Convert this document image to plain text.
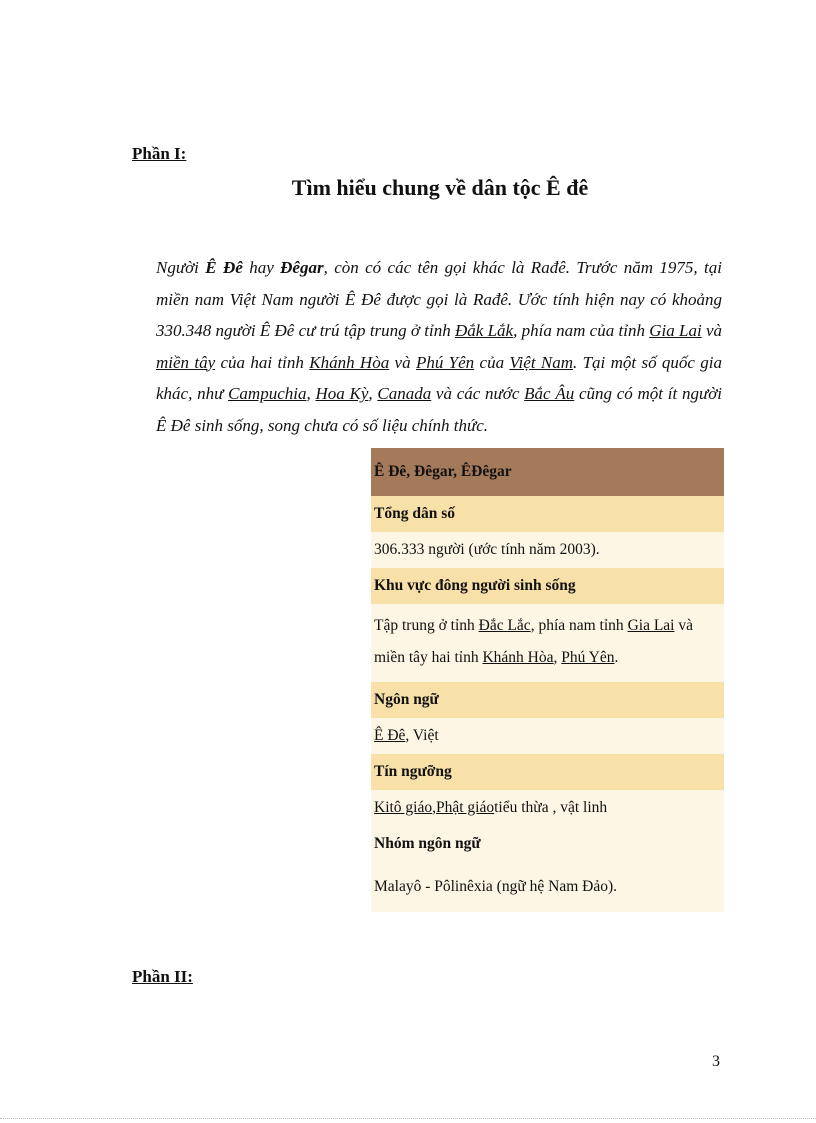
Phần I:
Tìm hiểu chung về dân tộc Ê đê
Người Ê Đê hay Đêgar, còn có các tên gọi khác là Rađê. Trước năm 1975, tại miền nam Việt Nam người Ê Đê được gọi là Rađê. Ước tính hiện nay có khoảng 330.348 người Ê Đê cư trú tập trung ở tỉnh Đắk Lắk, phía nam của tỉnh Gia Lai và miền tây của hai tỉnh Khánh Hòa và Phú Yên của Việt Nam. Tại một số quốc gia khác, như Campuchia, Hoa Kỳ, Canada và các nước Bắc Âu cũng có một ít người Ê Đê sinh sống, song chưa có số liệu chính thức.
Ê Đê, Đêgar, ÊĐêgar
Tổng dân số
306.333 người (ước tính năm 2003).
Khu vực đông người sinh sống
Tập trung ở tỉnh Đắc Lắc, phía nam tỉnh Gia Lai và miền tây hai tỉnh Khánh Hòa, Phú Yên.
Ngôn ngữ
Ê Đê , Việt
Tín ngưỡng
Kitô giáo , Phật giáo tiểu thừa , vật linh
Nhóm ngôn ngữ
Malayô - Pôlinêxia (ngữ hệ Nam Đảo).
Phần II:
3
